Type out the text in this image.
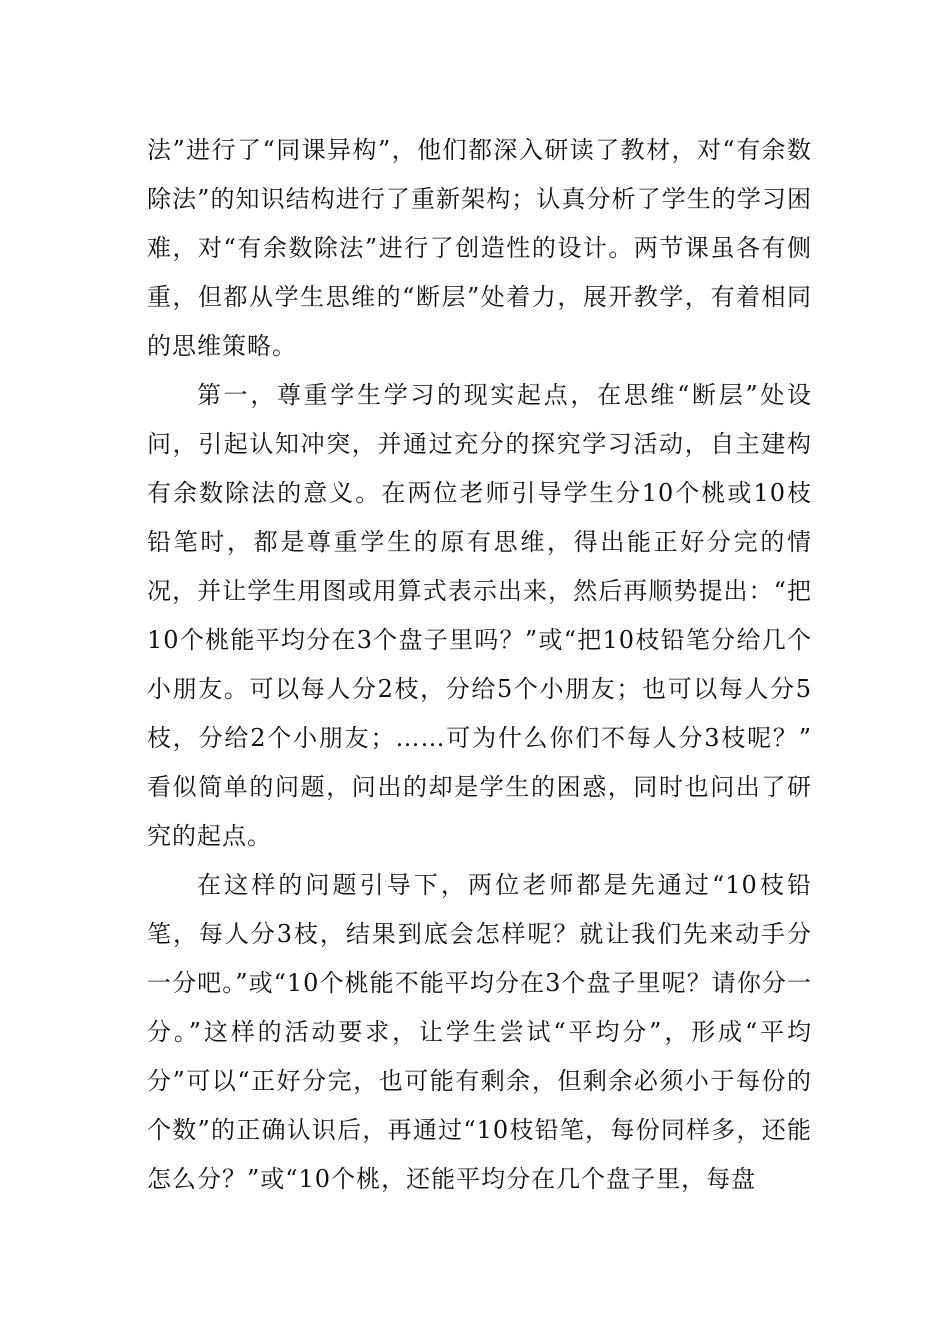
法”进行了“同课异构”，他们都深入研读了教材，对“有余数除法”的知识结构进行了重新架构；认真分析了学生的学习困难，对“有余数除法”进行了创造性的设计。两节课虽各有侧重，但都从学生思维的“断层”处着力，展开教学，有着相同的思维策略。

第一，尊重学生学习的现实起点，在思维“断层”处设问，引起认知冲突，并通过充分的探究学习活动，自主建构有余数除法的意义。在两位老师引导学生分10个桃或10枝铅笔时，都是尊重学生的原有思维，得出能正好分完的情况，并让学生用图或用算式表示出来，然后再顺势提出：“把10个桃能平均分在3个盘子里吗？”或“把10枝铅笔分给几个小朋友。可以每人分2枝，分给5个小朋友；也可以每人分5枝，分给2个小朋友；……可为什么你们不每人分3枝呢？” 看似简单的问题，问出的却是学生的困惑，同时也问出了研究的起点。

在这样的问题引导下，两位老师都是先通过“10枝铅笔，每人分3枝，结果到底会怎样呢？就让我们先来动手分一分吧。”或“10个桃能不能平均分在3个盘子里呢？请你分一分。”这样的活动要求，让学生尝试“平均分”，形成“平均分”可以“正好分完，也可能有剩余，但剩余必须小于每份的个数”的正确认识后，再通过“10枝铅笔，每份同样多，还能怎么分？”或“10个桃，还能平均分在几个盘子里，每盘
